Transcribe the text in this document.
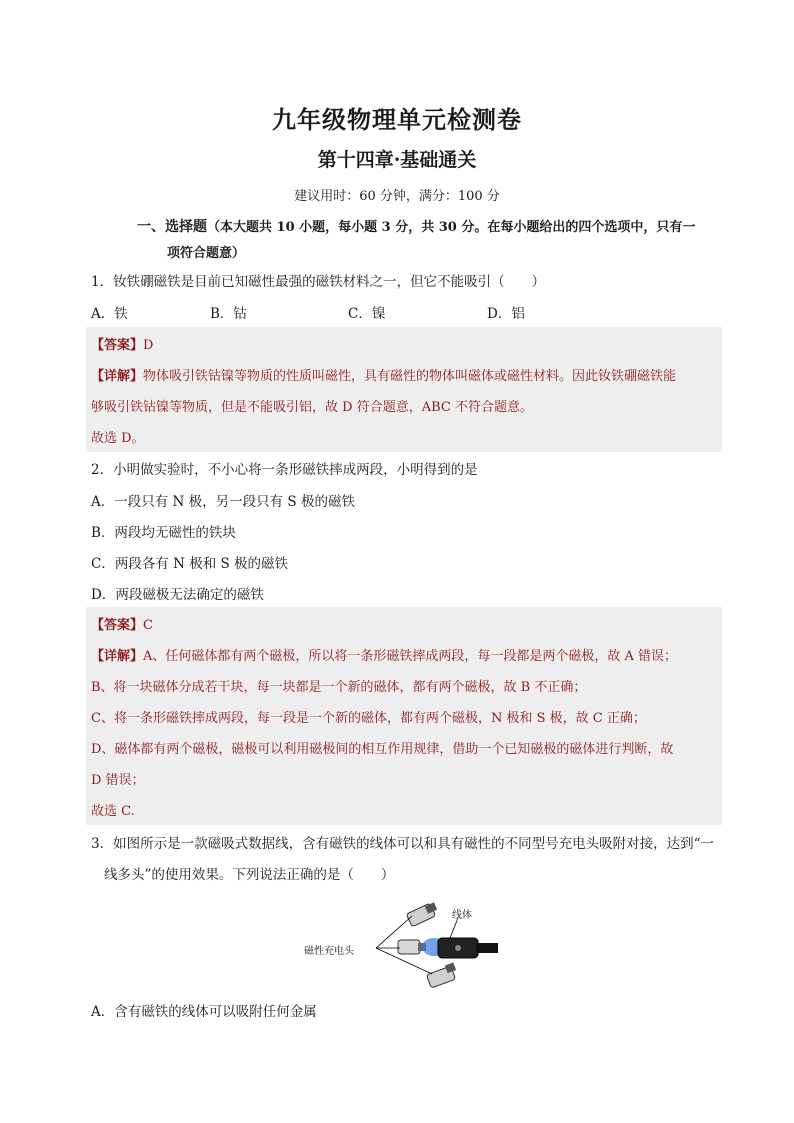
九年级物理单元检测卷
第十四章·基础通关
建议用时：60 分钟，满分：100 分
一、选择题（本大题共 10 小题，每小题 3 分，共 30 分。在每小题给出的四个选项中，只有一
项符合题意）
1．钕铁硼磁铁是目前已知磁性最强的磁铁材料之一，但它不能吸引（　　）
A．铁	B．钴	C．镍	D．铝
【答案】D
【详解】物体吸引铁钴镍等物质的性质叫磁性，具有磁性的物体叫磁体或磁性材料。因此钕铁硼磁铁能
够吸引铁钴镍等物质，但是不能吸引铝，故 D 符合题意，ABC 不符合题意。
故选 D。
2．小明做实验时，不小心将一条形磁铁摔成两段，小明得到的是
A．一段只有 N 极，另一段只有 S 极的磁铁
B．两段均无磁性的铁块
C．两段各有 N 极和 S 极的磁铁
D．两段磁极无法确定的磁铁
【答案】C
【详解】A、任何磁体都有两个磁极，所以将一条形磁铁摔成两段，每一段都是两个磁极，故 A 错误；
B、将一块磁体分成若干块，每一块都是一个新的磁体，都有两个磁极，故 B 不正确；
C、将一条形磁铁摔成两段，每一段是一个新的磁体，都有两个磁极，N 极和 S 极，故 C 正确；
D、磁体都有两个磁极，磁极可以利用磁极间的相互作用规律，借助一个已知磁极的磁体进行判断，故
D 错误；
故选 C.
3．如图所示是一款磁吸式数据线，含有磁铁的线体可以和具有磁性的不同型号充电头吸附对接，达到“一
线多头”的使用效果。下列说法正确的是（　　）
线体
磁性充电头
A．含有磁铁的线体可以吸附任何金属
